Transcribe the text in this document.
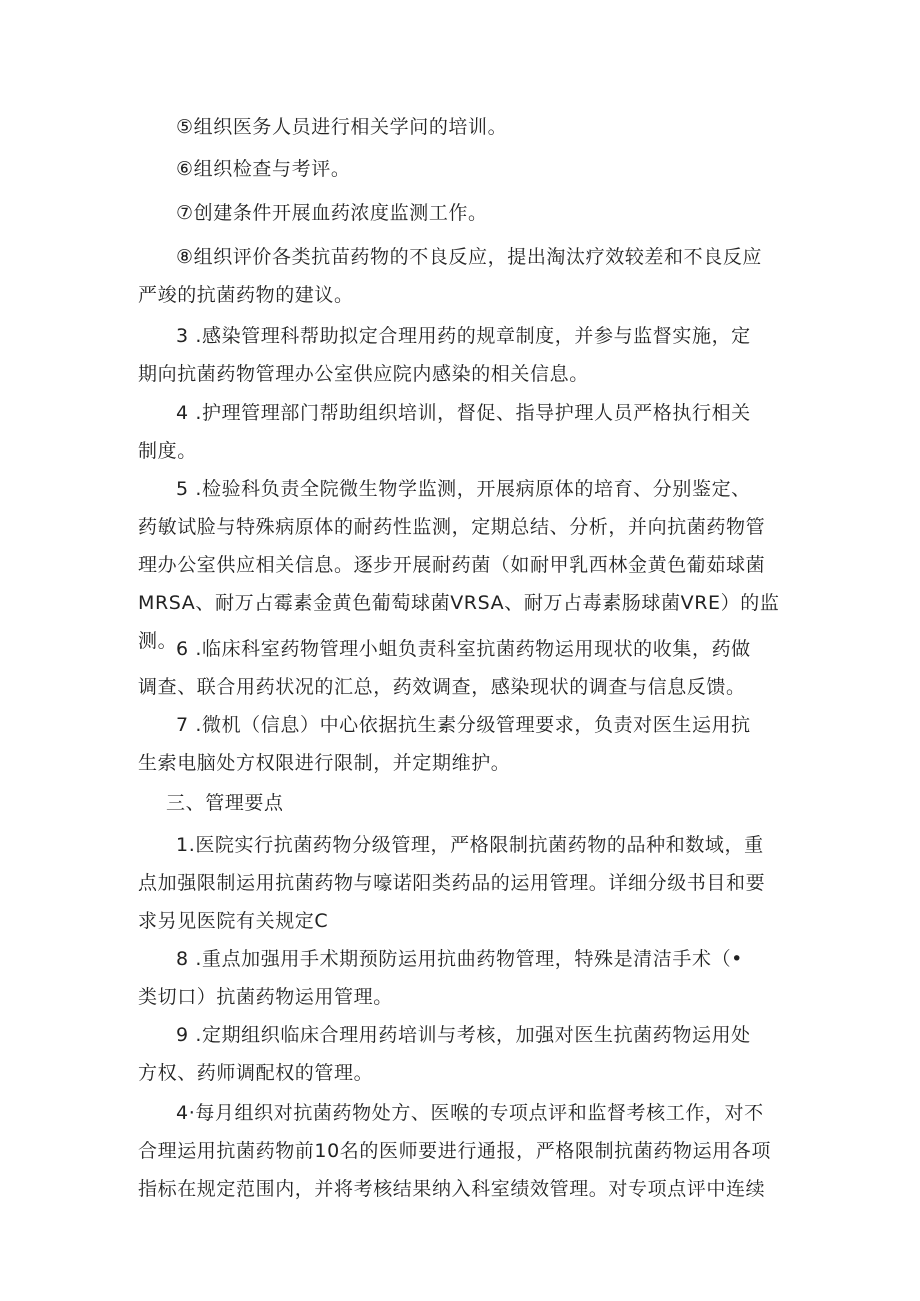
⑤组织医务人员进行相关学问的培训。

⑥组织检查与考评。

⑦创建条件开展血药浓度监测工作。

⑧组织评价各类抗苗药物的不良反应，提出淘汰疗效较差和不良反应
严竣的抗菌药物的建议。

3 .感染管理科帮助拟定合理用药的规章制度，并参与监督实施，定
期向抗菌药物管理办公室供应院内感染的相关信息。

4 .护理管理部门帮助组织培训，督促、指导护理人员严格执行相关
制度。

5 .检验科负责全院微生物学监测，开展病原体的培育、分别鉴定、
药敏试脸与特殊病原体的耐药性监测，定期总结、分析，并向抗菌药物管
理办公室供应相关信息。逐步开展耐药菌（如耐甲乳西林金黄色葡茹球菌
MRSA、耐万占霉素金黄色葡萄球菌VRSA、耐万占毒素肠球菌VRE）的监
测。

6 .临床科室药物管理小蛆负责科室抗菌药物运用现状的收集，药做
调查、联合用药状况的汇总，药效调查，感染现状的调查与信息反馈。

7 .微机（信息）中心依据抗生素分级管理要求，负责对医生运用抗
生索电脑处方权限进行限制，并定期维护。

三、管理要点

1.医院实行抗菌药物分级管理，严格限制抗菌药物的品种和数域，重
点加强限制运用抗菌药物与嚎诺阳类药品的运用管理。详细分级书目和要
求另见医院有关规定C

8 .重点加强用手术期预防运用抗曲药物管理，特殊是清洁手术（•
类切口）抗菌药物运用管理。

9 .定期组织临床合理用药培训与考核，加强对医生抗菌药物运用处
方权、药师调配权的管理。

4·每月组织对抗菌药物处方、医喉的专项点评和监督考核工作，对不
合理运用抗菌药物前10名的医师要进行通报，严格限制抗菌药物运用各项
指标在规定范围内，并将考核结果纳入科室绩效管理。对专项点评中连续
